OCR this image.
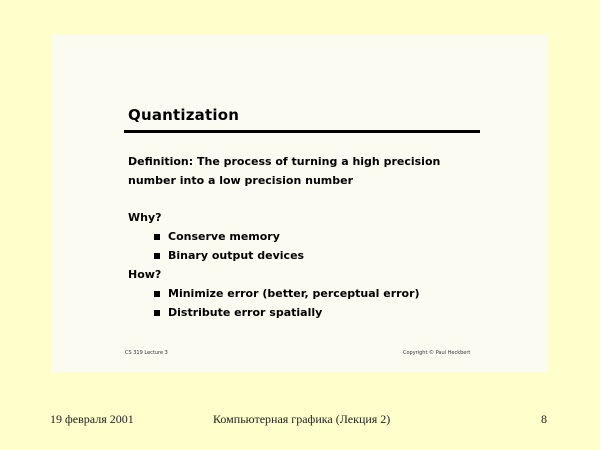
Quantization
Definition: The process of turning a high precision number into a low precision number
Why?
Conserve memory
Binary output devices
How?
Minimize error (better, perceptual error)
Distribute error spatially
CS 319 Lecture 3	Copyright © Paul Heckbert
19 февраля 2001	Компьютерная графика (Лекция 2)	8
